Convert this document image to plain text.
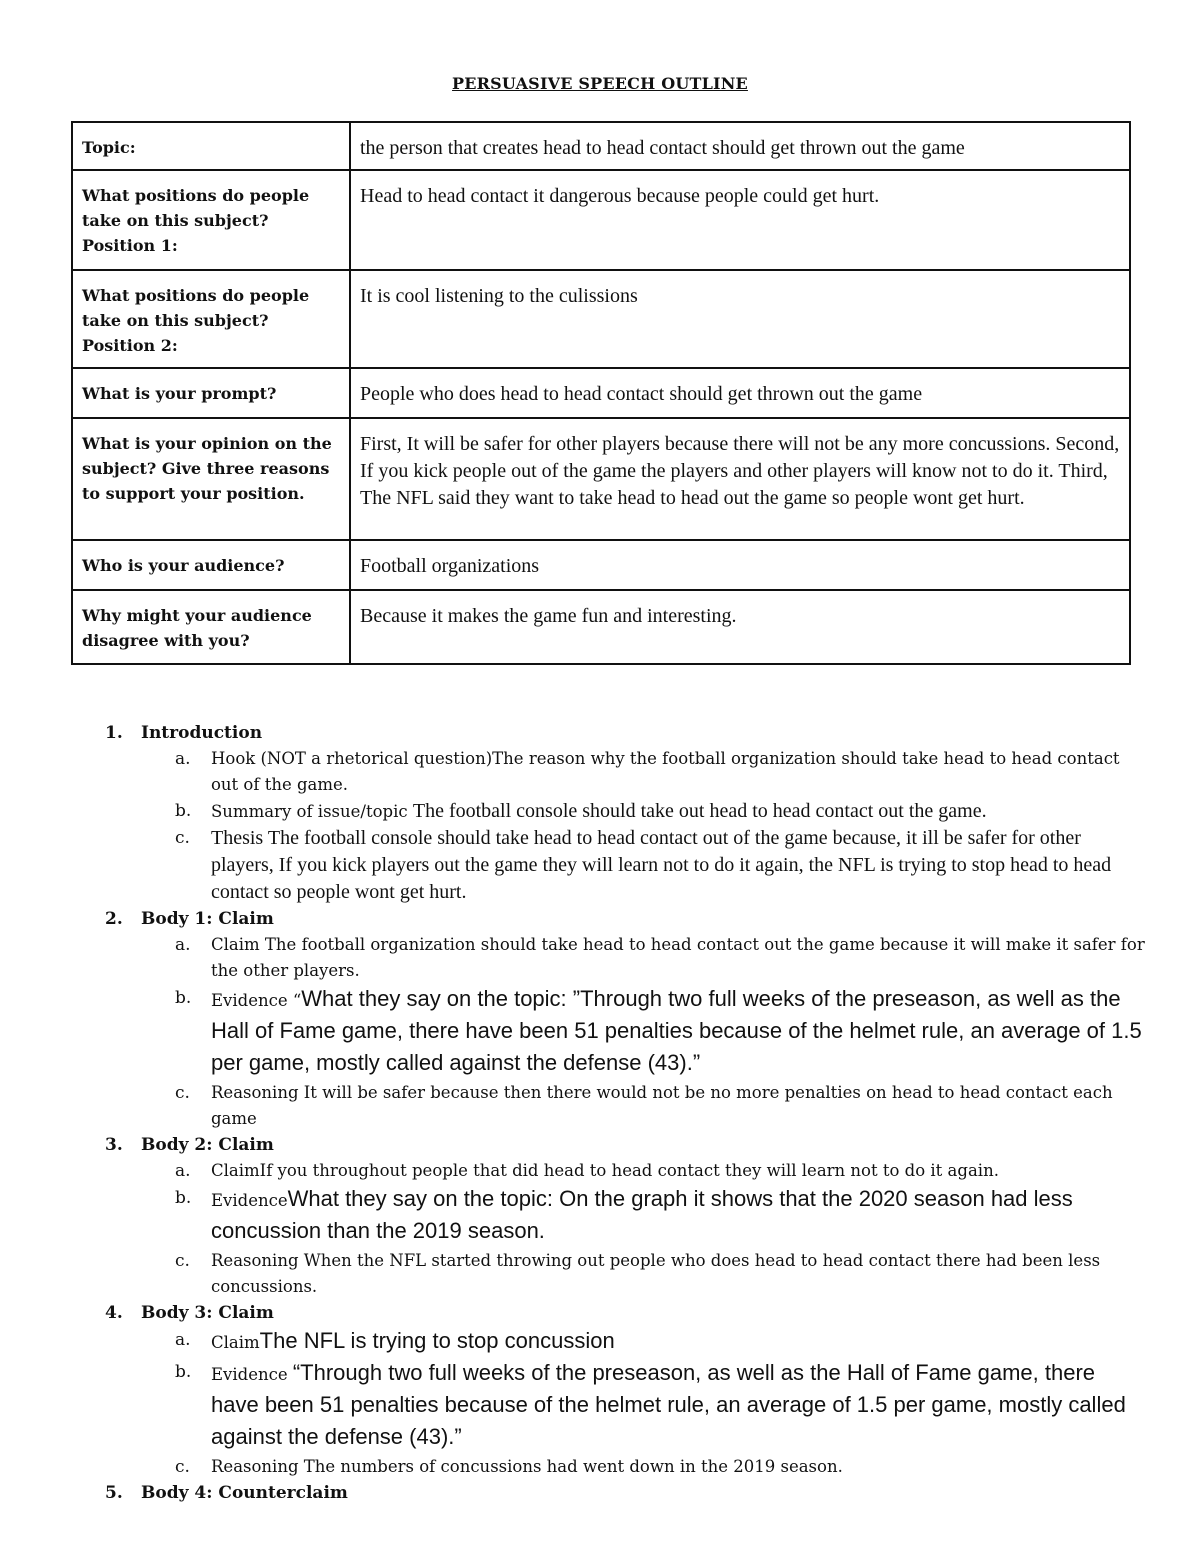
PERSUASIVE SPEECH OUTLINE
Topic:	the person that creates head to head contact should get thrown out the game
What positions do people take on this subject? Position 1:	Head to head contact it dangerous because people could get hurt.
What positions do people take on this subject? Position 2:	It is cool listening to the culissions
What is your prompt?	People who does head to head contact should get thrown out the game
What is your opinion on the subject? Give three reasons to support your position.	First, It will be safer for other players because there will not be any more concussions. Second, If you kick people out of the game the players and other players will know not to do it. Third, The NFL said they want to take head to head out the game so people wont get hurt.
Who is your audience?	Football organizations
Why might your audience disagree with you?	Because it makes the game fun and interesting.
1.	Introduction
a. Hook (NOT a rhetorical question)The reason why the football organization should take head to head contact out of the game.
b. Summary of issue/topic The football console should take out head to head contact out the game.
c. Thesis The football console should take head to head contact out of the game because, it ill be safer for other players, If you kick players out the game they will learn not to do it again, the NFL is trying to stop head to head contact so people wont get hurt.
2.	Body 1: Claim
a. Claim The football organization should take head to head contact out the game because it will make it safer for the other players.
b. Evidence “What they say on the topic: ”Through two full weeks of the preseason, as well as the Hall of Fame game, there have been 51 penalties because of the helmet rule, an average of 1.5 per game, mostly called against the defense (43).”
c. Reasoning It will be safer because then there would not be no more penalties on head to head contact each game
3.	Body 2: Claim
a. ClaimIf you throughout people that did head to head contact they will learn not to do it again.
b. EvidenceWhat they say on the topic: On the graph it shows that the 2020 season had less concussion than the 2019 season.
c. Reasoning When the NFL started throwing out people who does head to head contact there had been less concussions.
4.	Body 3: Claim
a. ClaimThe NFL is trying to stop concussion
b. Evidence “Through two full weeks of the preseason, as well as the Hall of Fame game, there have been 51 penalties because of the helmet rule, an average of 1.5 per game, mostly called against the defense (43).”
c. Reasoning The numbers of concussions had went down in the 2019 season.
5.	Body 4: Counterclaim
